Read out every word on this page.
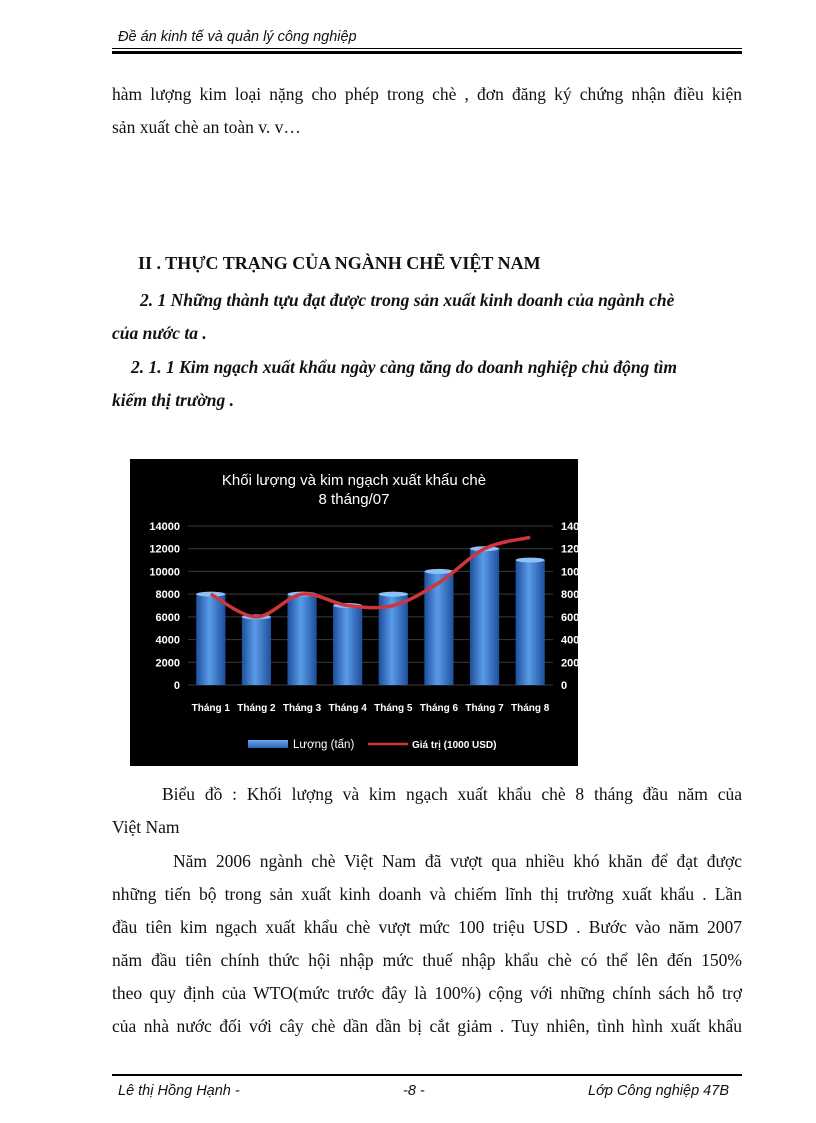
Đề án kinh tế và quản lý công nghiệp
hàm lượng kim loại nặng cho phép trong chè , đơn đăng ký chứng nhận điều kiện
sản xuất chè an toàn v. v…
II . THỰC TRẠNG CỦA NGÀNH CHẼ VIỆT NAM
2. 1 Những thành tựu đạt được trong sản xuất kinh doanh của ngành chè
của nước ta .
2. 1. 1 Kim ngạch xuất khẩu ngày càng tăng do doanh nghiệp chủ động tìm
kiếm thị trường .
Khối lượng và kim ngạch xuất khẩu chè
8 tháng/07
0	0
2000	2000
4000	4000
6000	6000
8000	8000
10000	10000
12000	12000
14000	14000
Tháng 1 Tháng 2 Tháng 3 Tháng 4 Tháng 5 Tháng 6 Tháng 7 Tháng 8
Lượng (tấn)	Giá trị (1000 USD)
Biểu đồ : Khối lượng và kim ngạch xuất khẩu chè 8 tháng đầu năm của
Việt Nam
Năm 2006 ngành chè Việt Nam đã vượt qua nhiều khó khăn để đạt được
những tiến bộ trong sản xuất kinh doanh và chiếm lĩnh thị trường xuất khẩu . Lần
đầu tiên kim ngạch xuất khẩu chè vượt mức 100 triệu USD . Bước vào năm 2007
năm đầu tiên chính thức hội nhập mức thuế nhập khẩu chè có thể lên đến 150%
theo quy định của WTO(mức trước đây là 100%) cộng với những chính sách hỗ trợ
của nhà nước đối với cây chè dần dần bị cắt giảm . Tuy nhiên, tình hình xuất khẩu
Lê thị Hồng Hạnh -	-8 -	Lớp Công nghiệp 47B
